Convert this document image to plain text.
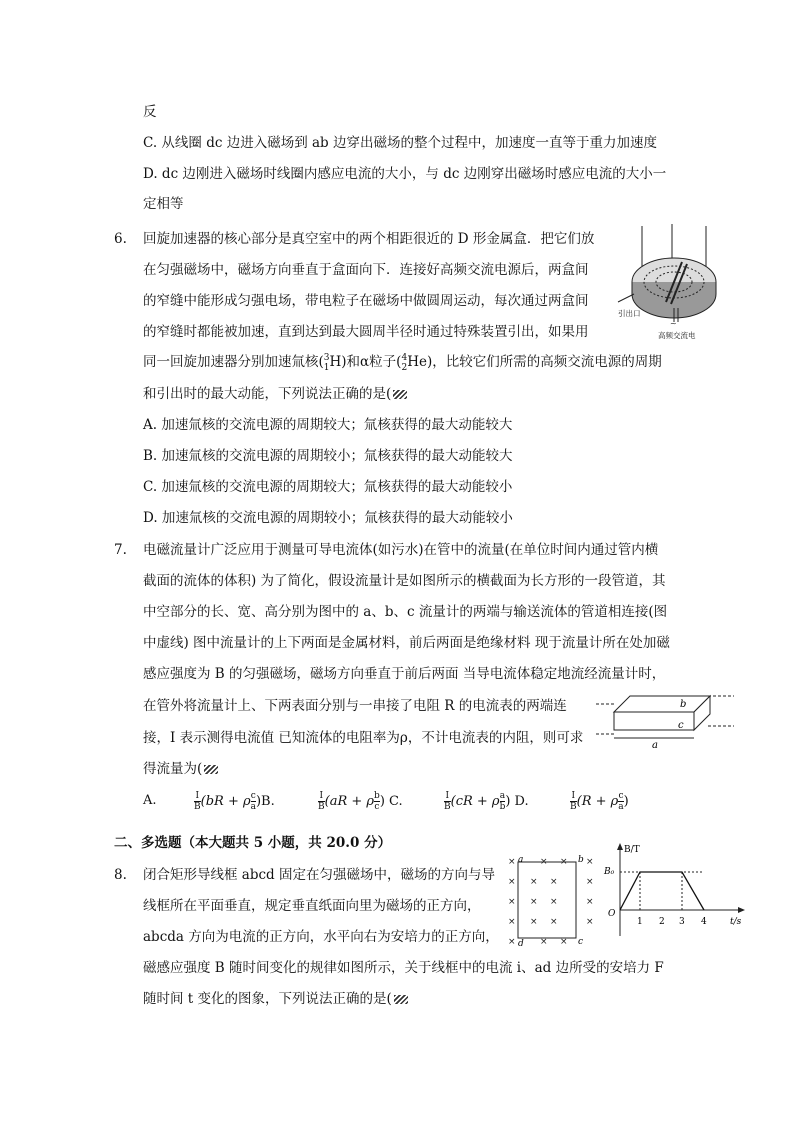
反
C. 从线圈 dc 边进入磁场到 ab 边穿出磁场的整个过程中，加速度一直等于重力加速度
D. dc 边刚进入磁场时线圈内感应电流的大小，与 dc 边刚穿出磁场时感应电流的大小一
定相等
6. 回旋加速器的核心部分是真空室中的两个相距很近的 D 形金属盒．把它们放
在匀强磁场中，磁场方向垂直于盒面向下．连接好高频交流电源后，两盒间
的窄缝中能形成匀强电场，带电粒子在磁场中做圆周运动，每次通过两盒间
的窄缝时都能被加速，直到达到最大圆周半径时通过特殊装置引出，如果用
同一回旋加速器分别加速氚核( 3
1 H)和α粒子( 4
2 He)，比较它们所需的高频交流电源的周期
和引出时的最大动能，下列说法正确的是(
A. 加速氚核的交流电源的周期较大；氚核获得的最大动能较大
B. 加速氚核的交流电源的周期较小；氚核获得的最大动能较大
C. 加速氚核的交流电源的周期较大；氚核获得的最大动能较小
D. 加速氚核的交流电源的周期较小；氚核获得的最大动能较小
~
引出口
高频交流电
7. 电磁流量计广泛应用于测量可导电流体(如污水)在管中的流量(在单位时间内通过管内横
截面的流体的体积) 为了简化，假设流量计是如图所示的横截面为长方形的一段管道，其
中空部分的长、宽、高分别为图中的 a、b、c 流量计的两端与输送流体的管道相连接(图
中虚线) 图中流量计的上下两面是金属材料，前后两面是绝缘材料 现于流量计所在处加磁
感应强度为 B 的匀强磁场，磁场方向垂直于前后两面 当导电流体稳定地流经流量计时，
在管外将流量计上、下两表面分别与一串接了电阻 R 的电流表的两端连
接，I 表示测得电流值 已知流体的电阻率为ρ，不计电流表的内阻，则可求
得流量为(
b
c
a
A.	$\frac{I}{B} (bR + \rho \frac{c}{a} )B$.	$\frac{I}{B} (aR + \rho \frac{b}{c}$ ) C.	$\frac{I}{B} (cR + \rho \frac{a}{b}$ ) D.	$\frac{I}{B} (R + \rho \frac{c}{a}$ )
二、多选题（本大题共 5 小题，共 20.0 分）
8. 闭合矩形导线框 abcd 固定在匀强磁场中，磁场的方向与导
线框所在平面垂直，规定垂直纸面向里为磁场的正方向，
abcda 方向为电流的正方向，水平向右为安培力的正方向，
磁感应强度 B 随时间变化的规律如图所示，关于线框中的电流 i、ad 边所受的安培力 F
随时间 t 变化的图象，下列说法正确的是(
×	× × ×
× × ×	×
× × ×	×
× × ×	×
×	× ×
a	b
c
d
B/T
t/s
B₀
O
1 2 3 4
